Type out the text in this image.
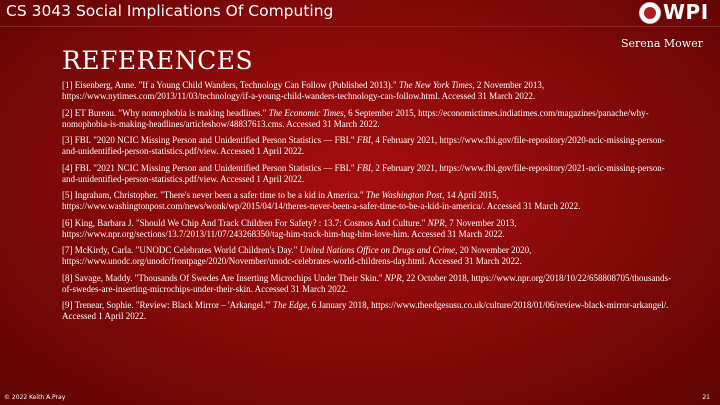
CS 3043 Social Implications Of Computing	WPI
Serena Mower
REFERENCES

[1] Eisenberg, Anne. "If a Young Child Wanders, Technology Can Follow (Published 2013)." The New York Times, 2 November 2013, https://www.nytimes.com/2013/11/03/technology/if-a-young-child-wanders-technology-can-follow.html. Accessed 31 March 2022.

[2] ET Bureau. "Why nomophobia is making headlines." The Economic Times, 6 September 2015, https://economictimes.indiatimes.com/magazines/panache/why-nomophobia-is-making-headlines/articleshow/48837613.cms. Accessed 31 March 2022.

[3] FBI. "2020 NCIC Missing Person and Unidentified Person Statistics — FBI." FBI, 4 February 2021, https://www.fbi.gov/file-repository/2020-ncic-missing-person-and-unidentified-person-statistics.pdf/view. Accessed 1 April 2022.

[4] FBI. "2021 NCIC Missing Person and Unidentified Person Statistics — FBI." FBI, 2 February 2021, https://www.fbi.gov/file-repository/2021-ncic-missing-person-and-unidentified-person-statistics.pdf/view. Accessed 1 April 2022.

[5] Ingraham, Christopher. "There's never been a safer time to be a kid in America." The Washington Post, 14 April 2015, https://www.washingtonpost.com/news/wonk/wp/2015/04/14/theres-never-been-a-safer-time-to-be-a-kid-in-america/. Accessed 31 March 2022.

[6] King, Barbara J. "Should We Chip And Track Children For Safety? : 13.7: Cosmos And Culture." NPR, 7 November 2013, https://www.npr.org/sections/13.7/2013/11/07/243268350/tag-him-track-him-hug-him-love-him. Accessed 31 March 2022.

[7] McKirdy, Carla. "UNODC Celebrates World Children's Day." United Nations Office on Drugs and Crime, 20 November 2020, https://www.unodc.org/unodc/frontpage/2020/November/unodc-celebrates-world-childrens-day.html. Accessed 31 March 2022.

[8] Savage, Maddy. "Thousands Of Swedes Are Inserting Microchips Under Their Skin." NPR, 22 October 2018, https://www.npr.org/2018/10/22/658808705/thousands-of-swedes-are-inserting-microchips-under-their-skin. Accessed 31 March 2022.

[9] Trenear, Sophie. "Review: Black Mirror – 'Arkangel.'" The Edge, 6 January 2018, https://www.theedgesusu.co.uk/culture/2018/01/06/review-black-mirror-arkangel/. Accessed 1 April 2022.

© 2022 Keith A.Pray	21
